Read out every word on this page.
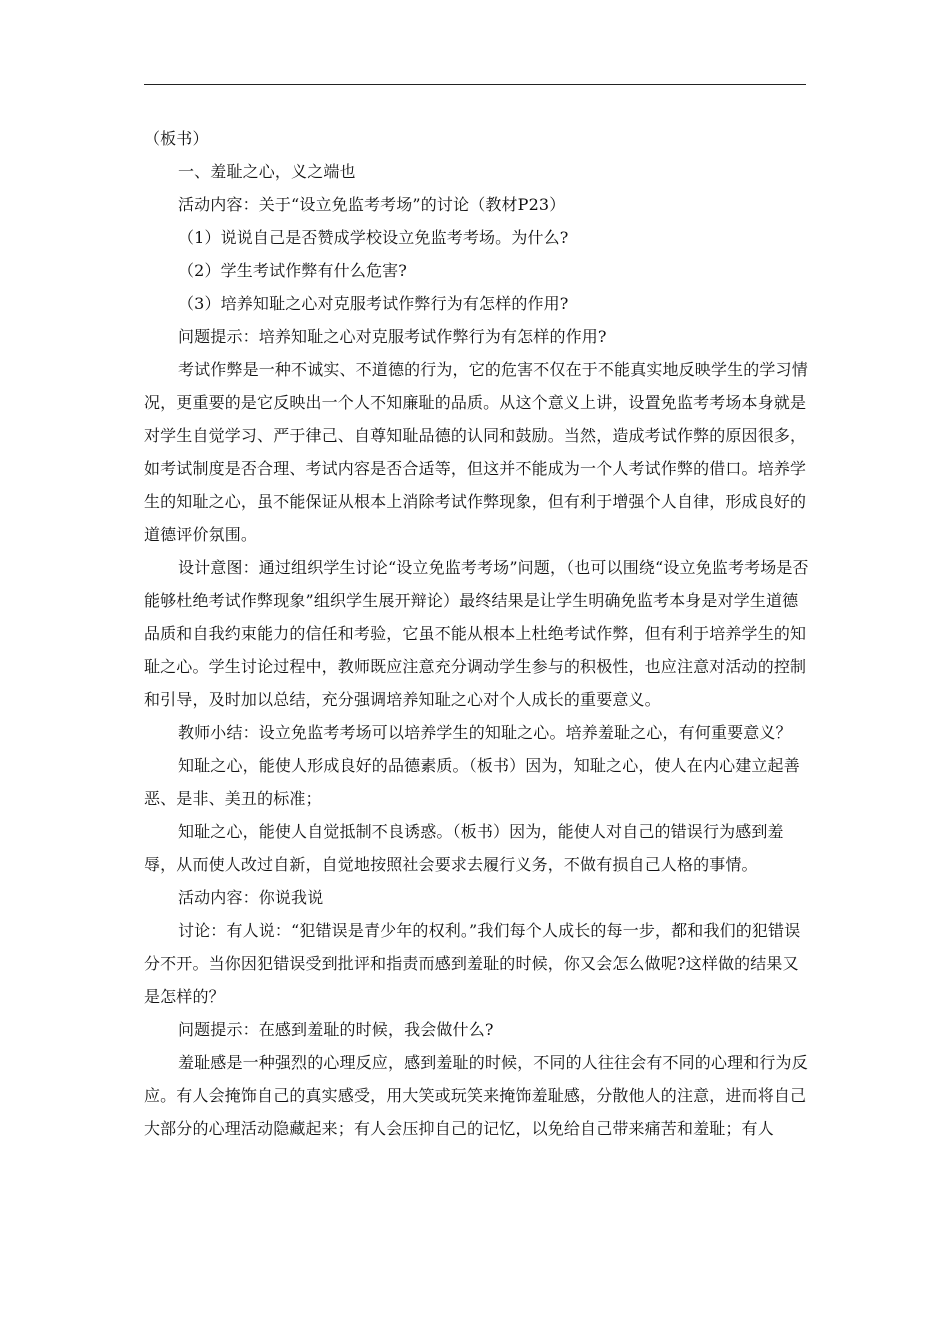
（板书）

一、羞耻之心，义之端也

活动内容：关于“设立免监考考场”的讨论（教材P23）

（1）说说自己是否赞成学校设立免监考考场。为什么?

（2）学生考试作弊有什么危害?

（3）培养知耻之心对克服考试作弊行为有怎样的作用?

问题提示：培养知耻之心对克服考试作弊行为有怎样的作用?

考试作弊是一种不诚实、不道德的行为，它的危害不仅在于不能真实地反映学生的学习情况，更重要的是它反映出一个人不知廉耻的品质。从这个意义上讲，设置免监考考场本身就是对学生自觉学习、严于律己、自尊知耻品德的认同和鼓励。当然，造成考试作弊的原因很多，如考试制度是否合理、考试内容是否合适等，但这并不能成为一个人考试作弊的借口。培养学生的知耻之心，虽不能保证从根本上消除考试作弊现象，但有利于增强个人自律，形成良好的道德评价氛围。

设计意图：通过组织学生讨论“设立免监考考场”问题，（也可以围绕“设立免监考考场是否能够杜绝考试作弊现象”组织学生展开辩论）最终结果是让学生明确免监考本身是对学生道德品质和自我约束能力的信任和考验，它虽不能从根本上杜绝考试作弊，但有利于培养学生的知耻之心。学生讨论过程中，教师既应注意充分调动学生参与的积极性，也应注意对活动的控制和引导，及时加以总结，充分强调培养知耻之心对个人成长的重要意义。

教师小结：设立免监考考场可以培养学生的知耻之心。培养羞耻之心，有何重要意义？

知耻之心，能使人形成良好的品德素质。（板书）因为，知耻之心，使人在内心建立起善恶、是非、美丑的标准；

知耻之心，能使人自觉抵制不良诱惑。（板书）因为，能使人对自己的错误行为感到羞辱，从而使人改过自新，自觉地按照社会要求去履行义务，不做有损自己人格的事情。

活动内容：你说我说

讨论：有人说：“犯错误是青少年的权利。”我们每个人成长的每一步，都和我们的犯错误分不开。当你因犯错误受到批评和指责而感到羞耻的时候，你又会怎么做呢?这样做的结果又是怎样的？

问题提示：在感到羞耻的时候，我会做什么?

羞耻感是一种强烈的心理反应，感到羞耻的时候，不同的人往往会有不同的心理和行为反应。有人会掩饰自己的真实感受，用大笑或玩笑来掩饰羞耻感，分散他人的注意，进而将自己大部分的心理活动隐藏起来；有人会压抑自己的记忆，以免给自己带来痛苦和羞耻；有人
